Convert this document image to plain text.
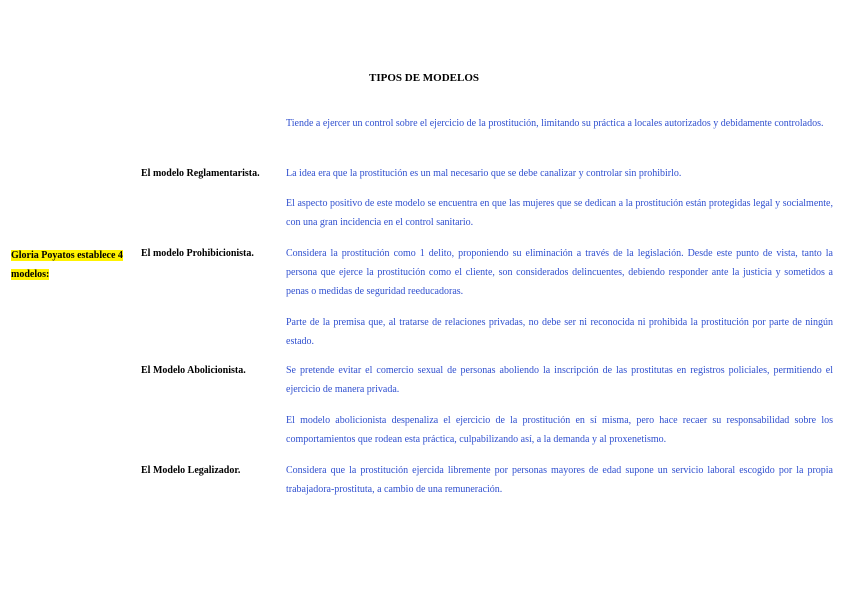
TIPOS DE MODELOS
Gloria Poyatos establece 4 modelos:
El modelo Reglamentarista.
El modelo Prohibicionista.
El Modelo Abolicionista.
El Modelo Legalizador.
Tiende a ejercer un control sobre el ejercicio de la prostitución, limitando su práctica a locales autorizados y debidamente controlados.
La idea era que la prostitución es un mal necesario que se debe canalizar y controlar sin prohibirlo.
El aspecto positivo de este modelo se encuentra en que las mujeres que se dedican a la prostitución están protegidas legal y socialmente, con una gran incidencia en el control sanitario.
Considera la prostitución como 1 delito, proponiendo su eliminación a través de la legislación. Desde este punto de vista, tanto la persona que ejerce la prostitución como el cliente, son considerados delincuentes, debiendo responder ante la justicia y sometidos a penas o medidas de seguridad reeducadoras.
Parte de la premisa que, al tratarse de relaciones privadas, no debe ser ni reconocida ni prohibida la prostitución por parte de ningún estado.
Se pretende evitar el comercio sexual de personas aboliendo la inscripción de las prostitutas en registros policiales, permitiendo el ejercicio de manera privada.
El modelo abolicionista despenaliza el ejercicio de la prostitución en sí misma, pero hace recaer su responsabilidad sobre los comportamientos que rodean esta práctica, culpabilizando así, a la demanda y al proxenetismo.
Considera que la prostitución ejercida libremente por personas mayores de edad supone un servicio laboral escogido por la propia trabajadora-prostituta, a cambio de una remuneración.
